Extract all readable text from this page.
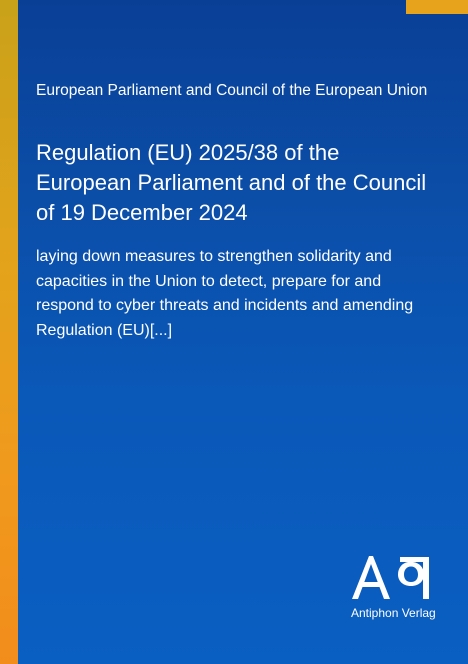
European Parliament and Council of the European Union
Regulation (EU) 2025/38 of the European Parliament and of the Council of 19 December 2024

laying down measures to strengthen solidarity and capacities in the Union to detect, prepare for and respond to cyber threats and incidents and amending Regulation (EU)[...]

Antiphon Verlag
